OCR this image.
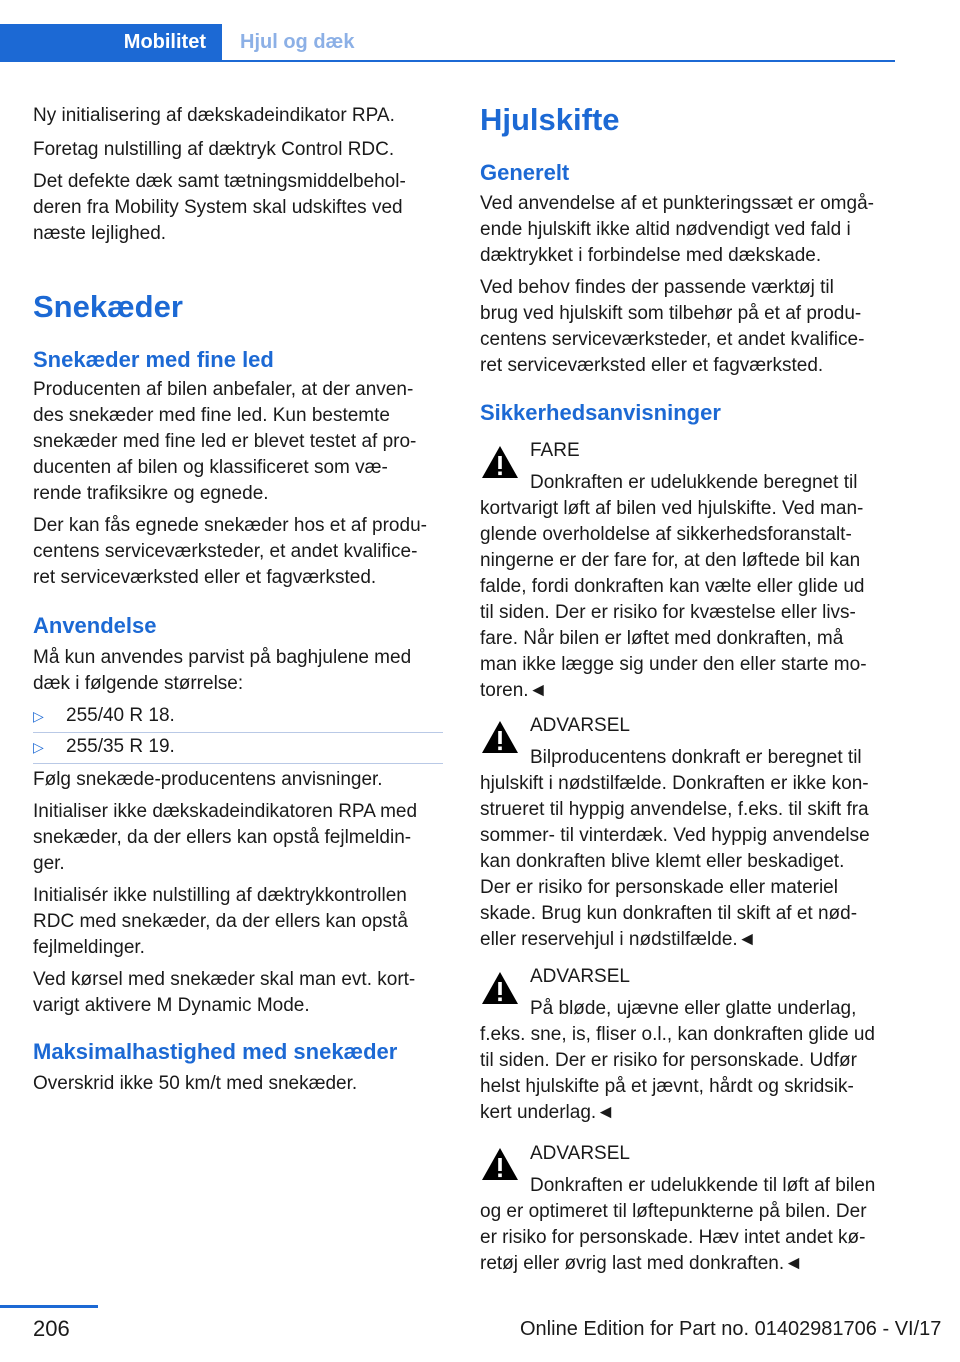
Mobilitet	Hjul og dæk
Ny initialisering af dækskadeindikator RPA.
Foretag nulstilling af dæktryk Control RDC.
Det defekte dæk samt tætningsmiddelbehol-
deren fra Mobility System skal udskiftes ved
næste lejlighed.
Snekæder
Snekæder med fine led
Producenten af bilen anbefaler, at der anven-
des snekæder med fine led. Kun bestemte
snekæder med fine led er blevet testet af pro-
ducenten af bilen og klassificeret som væ-
rende trafiksikre og egnede.
Der kan fås egnede snekæder hos et af produ-
centens serviceværksteder, et andet kvalifice-
ret serviceværksted eller et fagværksted.
Anvendelse
Må kun anvendes parvist på baghjulene med
dæk i følgende størrelse:
▷ 255/40 R 18.
▷ 255/35 R 19.
Følg snekæde-producentens anvisninger.
Initialiser ikke dækskadeindikatoren RPA med
snekæder, da der ellers kan opstå fejlmeldin-
ger.
Initialisér ikke nulstilling af dæktrykkontrollen
RDC med snekæder, da der ellers kan opstå
fejlmeldinger.
Ved kørsel med snekæder skal man evt. kort-
varigt aktivere M Dynamic Mode.
Maksimalhastighed med snekæder
Overskrid ikke 50 km/t med snekæder.
Hjulskifte
Generelt
Ved anvendelse af et punkteringssæt er omgå-
ende hjulskift ikke altid nødvendigt ved fald i
dæktrykket i forbindelse med dækskade.
Ved behov findes der passende værktøj til
brug ved hjulskift som tilbehør på et af produ-
centens serviceværksteder, et andet kvalifice-
ret serviceværksted eller et fagværksted.
Sikkerhedsanvisninger
FARE
Donkraften er udelukkende beregnet til
kortvarigt løft af bilen ved hjulskifte. Ved man-
glende overholdelse af sikkerhedsforanstalt-
ningerne er der fare for, at den løftede bil kan
falde, fordi donkraften kan vælte eller glide ud
til siden. Der er risiko for kvæstelse eller livs-
fare. Når bilen er løftet med donkraften, må
man ikke lægge sig under den eller starte mo-
toren.◄
ADVARSEL
Bilproducentens donkraft er beregnet til
hjulskift i nødstilfælde. Donkraften er ikke kon-
strueret til hyppig anvendelse, f.eks. til skift fra
sommer- til vinterdæk. Ved hyppig anvendelse
kan donkraften blive klemt eller beskadiget.
Der er risiko for personskade eller materiel
skade. Brug kun donkraften til skift af et nød-
eller reservehjul i nødstilfælde.◄
ADVARSEL
På bløde, ujævne eller glatte underlag,
f.eks. sne, is, fliser o.l., kan donkraften glide ud
til siden. Der er risiko for personskade. Udfør
helst hjulskifte på et jævnt, hårdt og skridsik-
kert underlag.◄
ADVARSEL
Donkraften er udelukkende til løft af bilen
og er optimeret til løftepunkterne på bilen. Der
er risiko for personskade. Hæv intet andet kø-
retøj eller øvrig last med donkraften.◄
206	Online Edition for Part no. 01402981706 - VI/17
